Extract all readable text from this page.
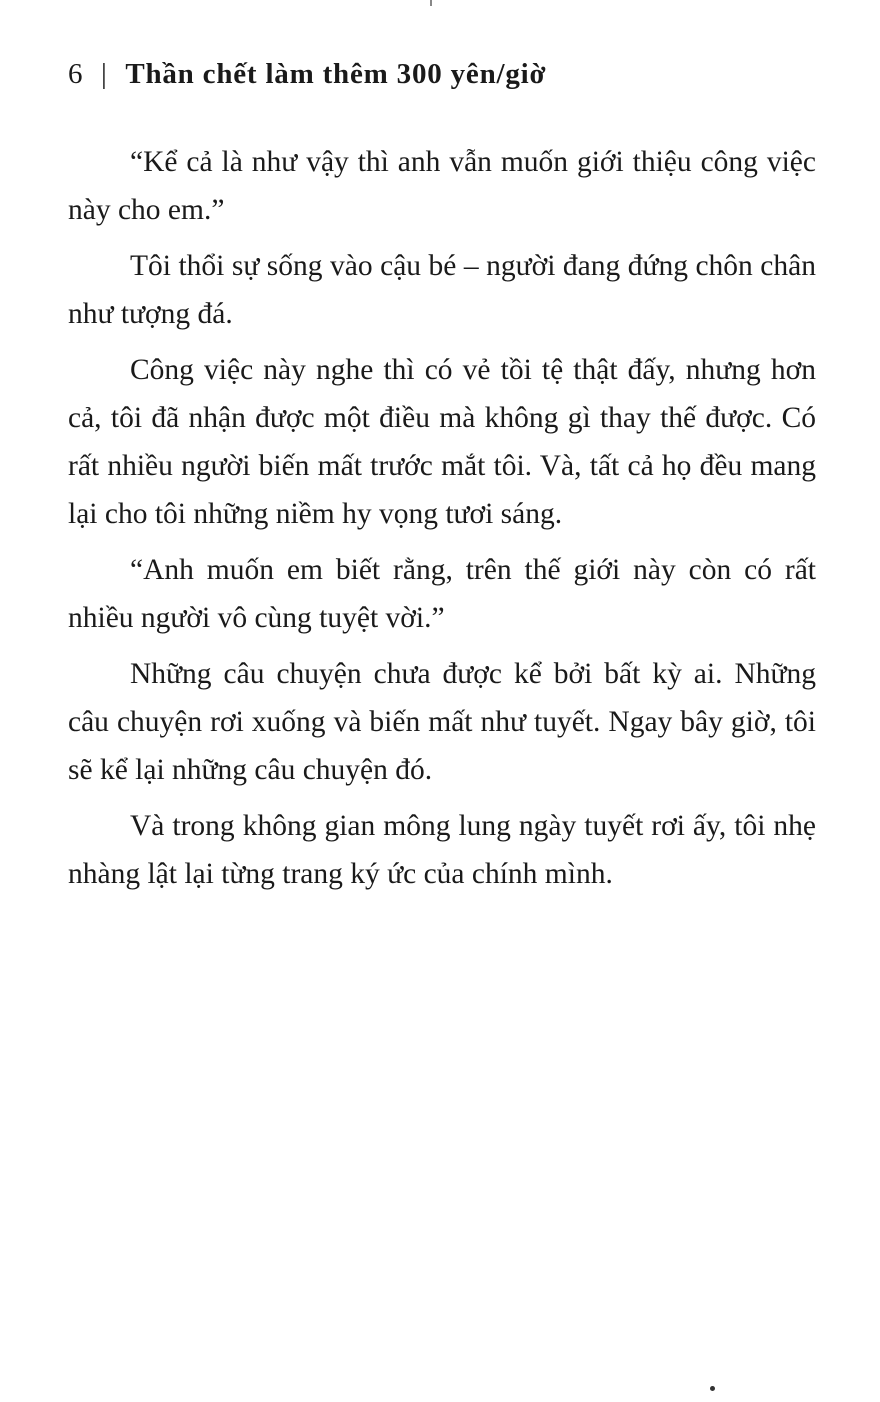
6 | Thần chết làm thêm 300 yên/giờ

“Kể cả là như vậy thì anh vẫn muốn giới thiệu công việc này cho em.”

Tôi thổi sự sống vào cậu bé – người đang đứng chôn chân như tượng đá.

Công việc này nghe thì có vẻ tồi tệ thật đấy, nhưng hơn cả, tôi đã nhận được một điều mà không gì thay thế được. Có rất nhiều người biến mất trước mắt tôi. Và, tất cả họ đều mang lại cho tôi những niềm hy vọng tươi sáng.

“Anh muốn em biết rằng, trên thế giới này còn có rất nhiều người vô cùng tuyệt vời.”

Những câu chuyện chưa được kể bởi bất kỳ ai. Những câu chuyện rơi xuống và biến mất như tuyết. Ngay bây giờ, tôi sẽ kể lại những câu chuyện đó.

Và trong không gian mông lung ngày tuyết rơi ấy, tôi nhẹ nhàng lật lại từng trang ký ức của chính mình.
